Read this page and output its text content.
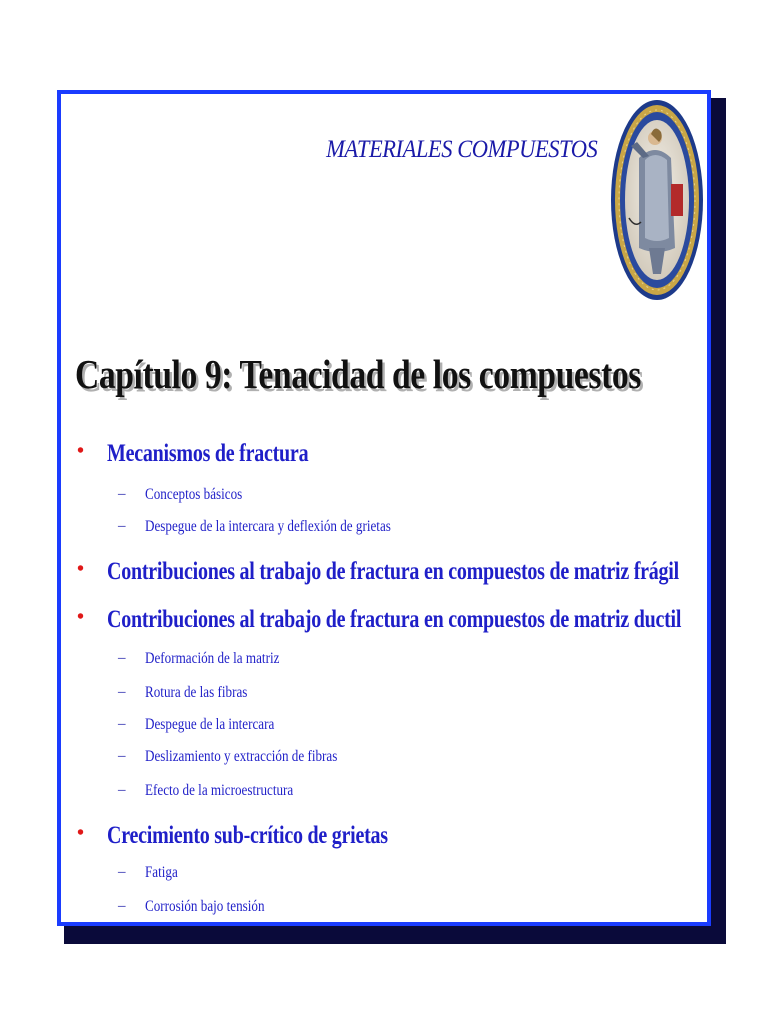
MATERIALES COMPUESTOS
Capítulo 9: Tenacidad de los compuestos
• Mecanismos de fractura
– Conceptos básicos
– Despegue de la intercara y deflexión de grietas
• Contribuciones al trabajo de fractura en compuestos de matriz frágil
• Contribuciones al trabajo de fractura en compuestos de matriz ductil
– Deformación de la matriz
– Rotura de las fibras
– Despegue de la intercara
– Deslizamiento y extracción de fibras
– Efecto de la microestructura
• Crecimiento sub-crítico de grietas
– Fatiga
– Corrosión bajo tensión
